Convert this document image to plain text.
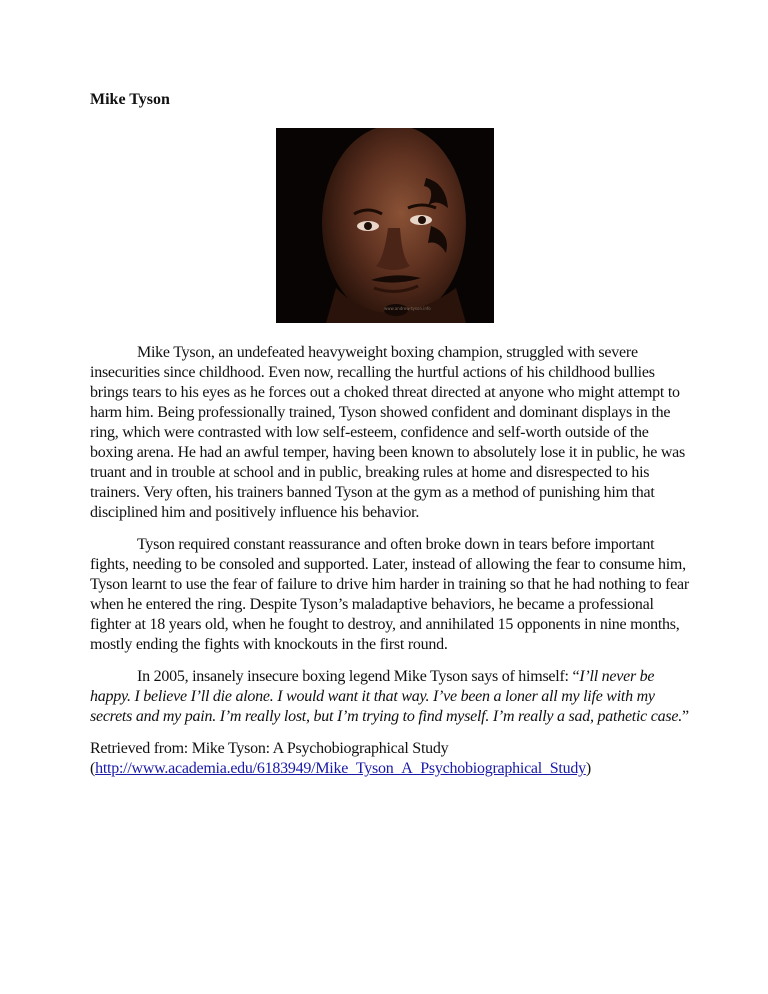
Mike Tyson
www.andrew-tyson.info

Mike Tyson, an undefeated heavyweight boxing champion, struggled with severe insecurities since childhood. Even now, recalling the hurtful actions of his childhood bullies brings tears to his eyes as he forces out a choked threat directed at anyone who might attempt to harm him. Being professionally trained, Tyson showed confident and dominant displays in the ring, which were contrasted with low self-esteem, confidence and self-worth outside of the boxing arena. He had an awful temper, having been known to absolutely lose it in public, he was truant and in trouble at school and in public, breaking rules at home and disrespected to his trainers. Very often, his trainers banned Tyson at the gym as a method of punishing him that disciplined him and positively influence his behavior.

Tyson required constant reassurance and often broke down in tears before important fights, needing to be consoled and supported. Later, instead of allowing the fear to consume him, Tyson learnt to use the fear of failure to drive him harder in training so that he had nothing to fear when he entered the ring. Despite Tyson’s maladaptive behaviors, he became a professional fighter at 18 years old, when he fought to destroy, and annihilated 15 opponents in nine months, mostly ending the fights with knockouts in the first round.

In 2005, insanely insecure boxing legend Mike Tyson says of himself: “I’ll never be happy. I believe I’ll die alone. I would want it that way. I’ve been a loner all my life with my secrets and my pain. I’m really lost, but I’m trying to find myself. I’m really a sad, pathetic case.”

Retrieved from: Mike Tyson: A Psychobiographical Study
(http://www.academia.edu/6183949/Mike_Tyson_A_Psychobiographical_Study)
